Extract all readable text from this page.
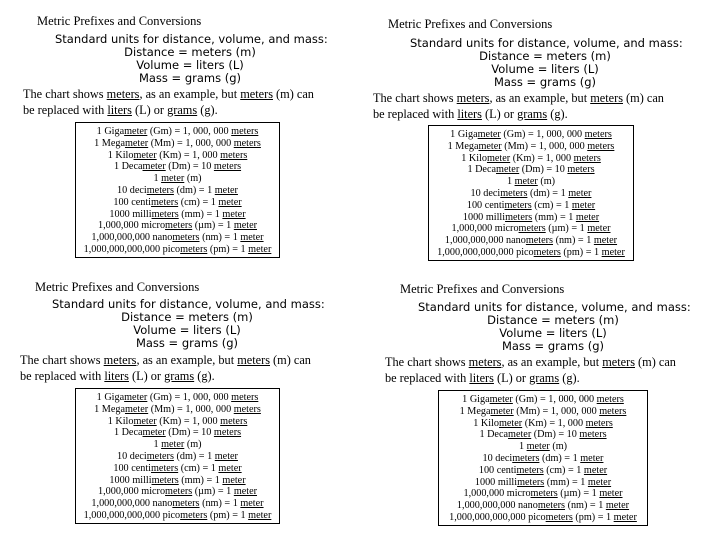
Metric Prefixes and Conversions
Standard units for distance, volume, and mass:
Distance = meters (m)
Volume = liters (L)
Mass = grams (g)
The chart shows meters, as an example, but meters (m) can
be replaced with liters (L) or grams (g).
1 Gigameter (Gm) = 1, 000, 000 meters
1 Megameter (Mm) = 1, 000, 000 meters
1 Kilometer (Km) = 1, 000 meters
1 Decameter (Dm) = 10 meters
1 meter (m)
10 decimeters (dm) = 1 meter
100 centimeters (cm) = 1 meter
1000 millimeters (mm) = 1 meter
1,000,000 micrometers (µm) = 1 meter
1,000,000,000 nanometers (nm) = 1 meter
1,000,000,000,000 picometers (pm) = 1 meter
Metric Prefixes and Conversions
Standard units for distance, volume, and mass:
Distance = meters (m)
Volume = liters (L)
Mass = grams (g)
The chart shows meters, as an example, but meters (m) can
be replaced with liters (L) or grams (g).
1 Gigameter (Gm) = 1, 000, 000 meters
1 Megameter (Mm) = 1, 000, 000 meters
1 Kilometer (Km) = 1, 000 meters
1 Decameter (Dm) = 10 meters
1 meter (m)
10 decimeters (dm) = 1 meter
100 centimeters (cm) = 1 meter
1000 millimeters (mm) = 1 meter
1,000,000 micrometers (µm) = 1 meter
1,000,000,000 nanometers (nm) = 1 meter
1,000,000,000,000 picometers (pm) = 1 meter
Metric Prefixes and Conversions
Standard units for distance, volume, and mass:
Distance = meters (m)
Volume = liters (L)
Mass = grams (g)
The chart shows meters, as an example, but meters (m) can
be replaced with liters (L) or grams (g).
1 Gigameter (Gm) = 1, 000, 000 meters
1 Megameter (Mm) = 1, 000, 000 meters
1 Kilometer (Km) = 1, 000 meters
1 Decameter (Dm) = 10 meters
1 meter (m)
10 decimeters (dm) = 1 meter
100 centimeters (cm) = 1 meter
1000 millimeters (mm) = 1 meter
1,000,000 micrometers (µm) = 1 meter
1,000,000,000 nanometers (nm) = 1 meter
1,000,000,000,000 picometers (pm) = 1 meter
Metric Prefixes and Conversions
Standard units for distance, volume, and mass:
Distance = meters (m)
Volume = liters (L)
Mass = grams (g)
The chart shows meters, as an example, but meters (m) can
be replaced with liters (L) or grams (g).
1 Gigameter (Gm) = 1, 000, 000 meters
1 Megameter (Mm) = 1, 000, 000 meters
1 Kilometer (Km) = 1, 000 meters
1 Decameter (Dm) = 10 meters
1 meter (m)
10 decimeters (dm) = 1 meter
100 centimeters (cm) = 1 meter
1000 millimeters (mm) = 1 meter
1,000,000 micrometers (µm) = 1 meter
1,000,000,000 nanometers (nm) = 1 meter
1,000,000,000,000 picometers (pm) = 1 meter
